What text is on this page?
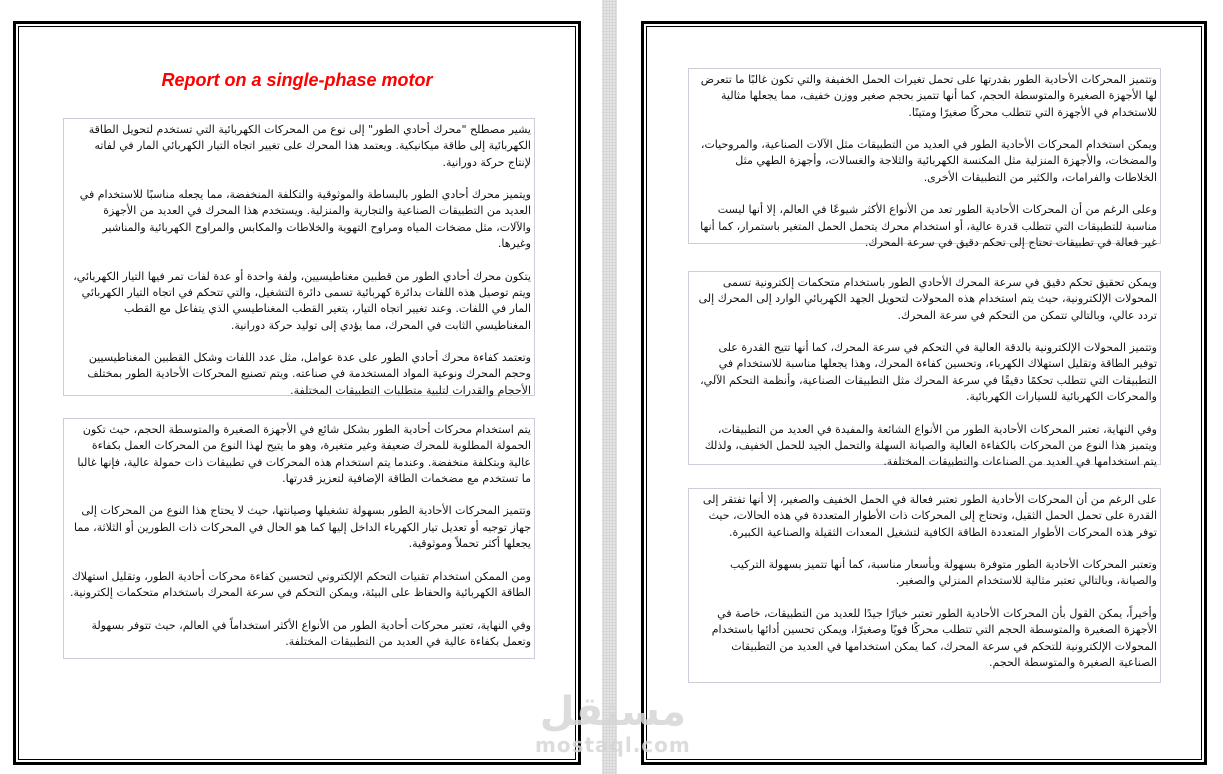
Report on a single-phase motor

يشير مصطلح "محرك أحادي الطور" إلى نوع من المحركات الكهربائية التي تستخدم لتحويل الطاقة الكهربائية إلى طاقة ميكانيكية. ويعتمد هذا المحرك على تغيير اتجاه التيار الكهربائي المار في لفاته لإنتاج حركة دورانية.

ويتميز محرك أحادي الطور بالبساطة والموثوقية والتكلفة المنخفضة، مما يجعله مناسبًا للاستخدام في العديد من التطبيقات الصناعية والتجارية والمنزلية. ويستخدم هذا المحرك في العديد من الأجهزة والآلات، مثل مضخات المياه ومراوح التهوية والخلاطات والمكابس والمراوح الكهربائية والمناشير وغيرها.

يتكون محرك أحادي الطور من قطبين مغناطيسيين، ولفة واحدة أو عدة لفات تمر فيها التيار الكهربائي، ويتم توصيل هذه اللفات بدائرة كهربائية تسمى دائرة التشغيل، والتي تتحكم في اتجاه التيار الكهربائي المار في اللفات. وعند تغيير اتجاه التيار، يتغير القطب المغناطيسي الذي يتفاعل مع القطب المغناطيسي الثابت في المحرك، مما يؤدي إلى توليد حركة دورانية.

وتعتمد كفاءة محرك أحادي الطور على عدة عوامل، مثل عدد اللفات وشكل القطبين المغناطيسيين وحجم المحرك ونوعية المواد المستخدمة في صناعته. ويتم تصنيع المحركات الأحادية الطور بمختلف الأحجام والقدرات لتلبية متطلبات التطبيقات المختلفة.

يتم استخدام محركات أحادية الطور بشكل شائع في الأجهزة الصغيرة والمتوسطة الحجم، حيث تكون الحمولة المطلوبة للمحرك ضعيفة وغير متغيرة، وهو ما يتيح لهذا النوع من المحركات العمل بكفاءة عالية وبتكلفة منخفضة. وعندما يتم استخدام هذه المحركات في تطبيقات ذات حمولة عالية، فإنها غالبا ما تستخدم مع مضخمات الطاقة الإضافية لتعزيز قدرتها.

وتتميز المحركات الأحادية الطور بسهولة تشغيلها وصيانتها، حيث لا يحتاج هذا النوع من المحركات إلى جهاز توجيه أو تعديل تيار الكهرباء الداخل إليها كما هو الحال في المحركات ذات الطورين أو الثلاثة، مما يجعلها أكثر تحملاً وموثوقية.

ومن الممكن استخدام تقنيات التحكم الإلكتروني لتحسين كفاءة محركات أحادية الطور، وتقليل استهلاك الطاقة الكهربائية والحفاظ على البيئة، ويمكن التحكم في سرعة المحرك باستخدام متحكمات إلكترونية.

وفي النهاية، تعتبر محركات أحادية الطور من الأنواع الأكثر استخداماً في العالم، حيث تتوفر بسهولة وتعمل بكفاءة عالية في العديد من التطبيقات المختلفة.

وتتميز المحركات الأحادية الطور بقدرتها على تحمل تغيرات الحمل الخفيفة والتي تكون غالبًا ما تتعرض لها الأجهزة الصغيرة والمتوسطة الحجم، كما أنها تتميز بحجم صغير ووزن خفيف، مما يجعلها مثالية للاستخدام في الأجهزة التي تتطلب محركًا صغيرًا ومتينًا.

ويمكن استخدام المحركات الأحادية الطور في العديد من التطبيقات مثل الآلات الصناعية، والمروحيات، والمضخات، والأجهزة المنزلية مثل المكنسة الكهربائية والثلاجة والغسالات، وأجهزة الطهي مثل الخلاطات والفرامات، والكثير من التطبيقات الأخرى.

وعلى الرغم من أن المحركات الأحادية الطور تعد من الأنواع الأكثر شيوعًا في العالم، إلا أنها ليست مناسبة للتطبيقات التي تتطلب قدرة عالية، أو استخدام محرك يتحمل الحمل المتغير باستمرار، كما أنها غير فعالة في تطبيقات تحتاج إلى تحكم دقيق في سرعة المحرك.

ويمكن تحقيق تحكم دقيق في سرعة المحرك الأحادي الطور باستخدام متحكمات إلكترونية تسمى المحولات الإلكترونية، حيث يتم استخدام هذه المحولات لتحويل الجهد الكهربائي الوارد إلى المحرك إلى تردد عالي، وبالتالي تتمكن من التحكم في سرعة المحرك.

وتتميز المحولات الإلكترونية بالدقة العالية في التحكم في سرعة المحرك، كما أنها تتيح القدرة على توفير الطاقة وتقليل استهلاك الكهرباء، وتحسين كفاءة المحرك، وهذا يجعلها مناسبة للاستخدام في التطبيقات التي تتطلب تحكمًا دقيقًا في سرعة المحرك مثل التطبيقات الصناعية، وأنظمة التحكم الآلي، والمحركات الكهربائية للسيارات الكهربائية.

وفي النهاية، تعتبر المحركات الأحادية الطور من الأنواع الشائعة والمفيدة في العديد من التطبيقات، ويتميز هذا النوع من المحركات بالكفاءة العالية والصيانة السهلة والتحمل الجيد للحمل الخفيف، ولذلك يتم استخدامها في العديد من الصناعات والتطبيقات المختلفة.

على الرغم من أن المحركات الأحادية الطور تعتبر فعالة في الحمل الخفيف والصغير، إلا أنها تفتقر إلى القدرة على تحمل الحمل الثقيل، وتحتاج إلى المحركات ذات الأطوار المتعددة في هذه الحالات، حيث توفر هذه المحركات الأطوار المتعددة الطاقة الكافية لتشغيل المعدات الثقيلة والصناعية الكبيرة.

وتعتبر المحركات الأحادية الطور متوفرة بسهولة وبأسعار مناسبة، كما أنها تتميز بسهولة التركيب والصيانة، وبالتالي تعتبر مثالية للاستخدام المنزلي والصغير.

وأخيراً، يمكن القول بأن المحركات الأحادية الطور تعتبر خيارًا جيدًا للعديد من التطبيقات، خاصة في الأجهزة الصغيرة والمتوسطة الحجم التي تتطلب محركًا قويًا وصغيرًا، ويمكن تحسين أدائها باستخدام المحولات الإلكترونية للتحكم في سرعة المحرك، كما يمكن استخدامها في العديد من التطبيقات الصناعية الصغيرة والمتوسطة الحجم.

مستقل
mostaql.com
